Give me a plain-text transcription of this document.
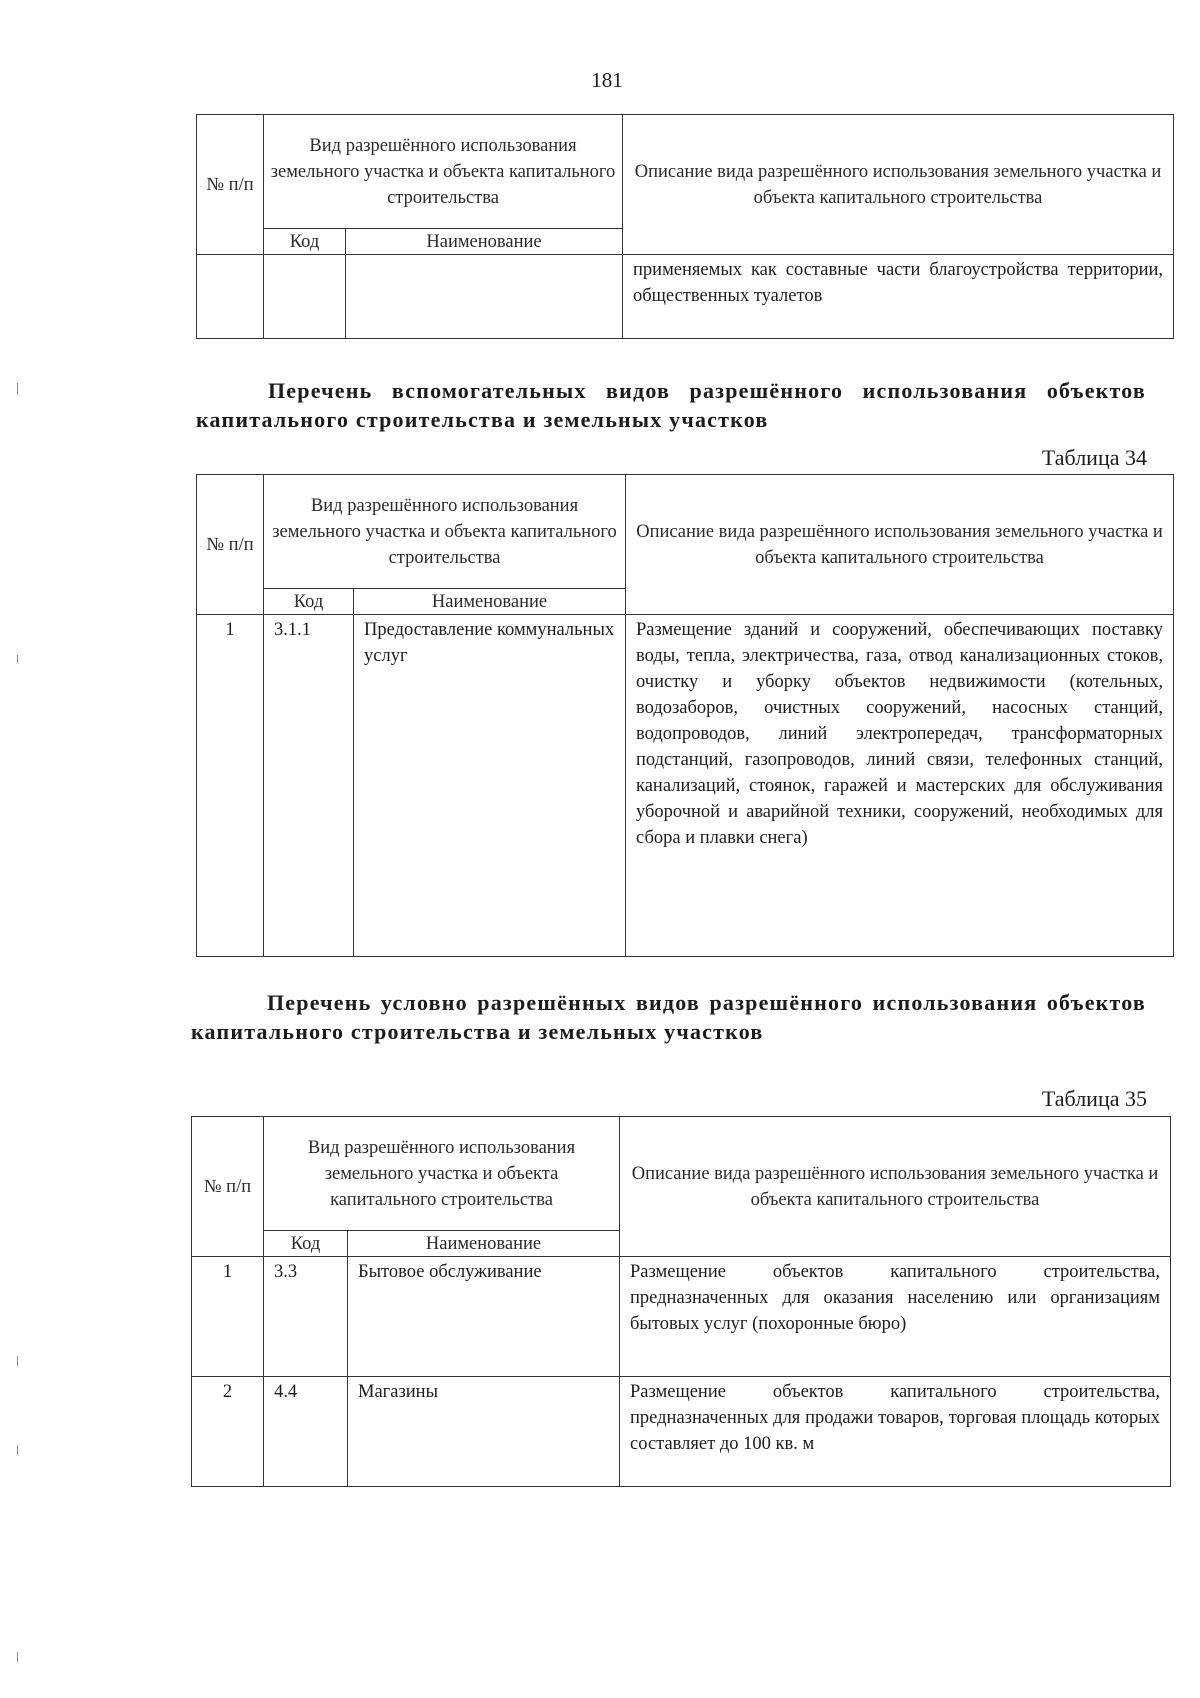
181
№ п/п	Вид разрешённого использования земельного участка и объекта капитального строительства		Описание вида разрешённого использования земельного участка и объекта капитального строительства
	Код	Наименование	
			применяемых как составные части благоустройства территории, общественных туалетов
Перечень вспомогательных видов разрешённого использования объектов капитального строительства и земельных участков
Таблица 34
№ п/п	Вид разрешённого использования земельного участка и объекта капитального строительства		Описание вида разрешённого использования земельного участка и объекта капитального строительства
	Код	Наименование	
1	3.1.1	Предоставление коммунальных услуг	Размещение зданий и сооружений, обеспечивающих поставку воды, тепла, электричества, газа, отвод канализационных стоков, очистку и уборку объектов недвижимости (котельных, водозаборов, очистных сооружений, насосных станций, водопроводов, линий электропередач, трансформаторных подстанций, газопроводов, линий связи, телефонных станций, канализаций, стоянок, гаражей и мастерских для обслуживания уборочной и аварийной техники, сооружений, необходимых для сбора и плавки снега)
Перечень условно разрешённых видов разрешённого использования объектов капитального строительства и земельных участков
Таблица 35
№ п/п	Вид разрешённого использования земельного участка и объекта капитального строительства		Описание вида разрешённого использования земельного участка и объекта капитального строительства
	Код	Наименование	
1	3.3	Бытовое обслуживание	Размещение объектов капитального строительства, предназначенных для оказания населению или организациям бытовых услуг (похоронные бюро)
2	4.4	Магазины	Размещение объектов капитального строительства, предназначенных для продажи товаров, торговая площадь которых составляет до 100 кв. м
